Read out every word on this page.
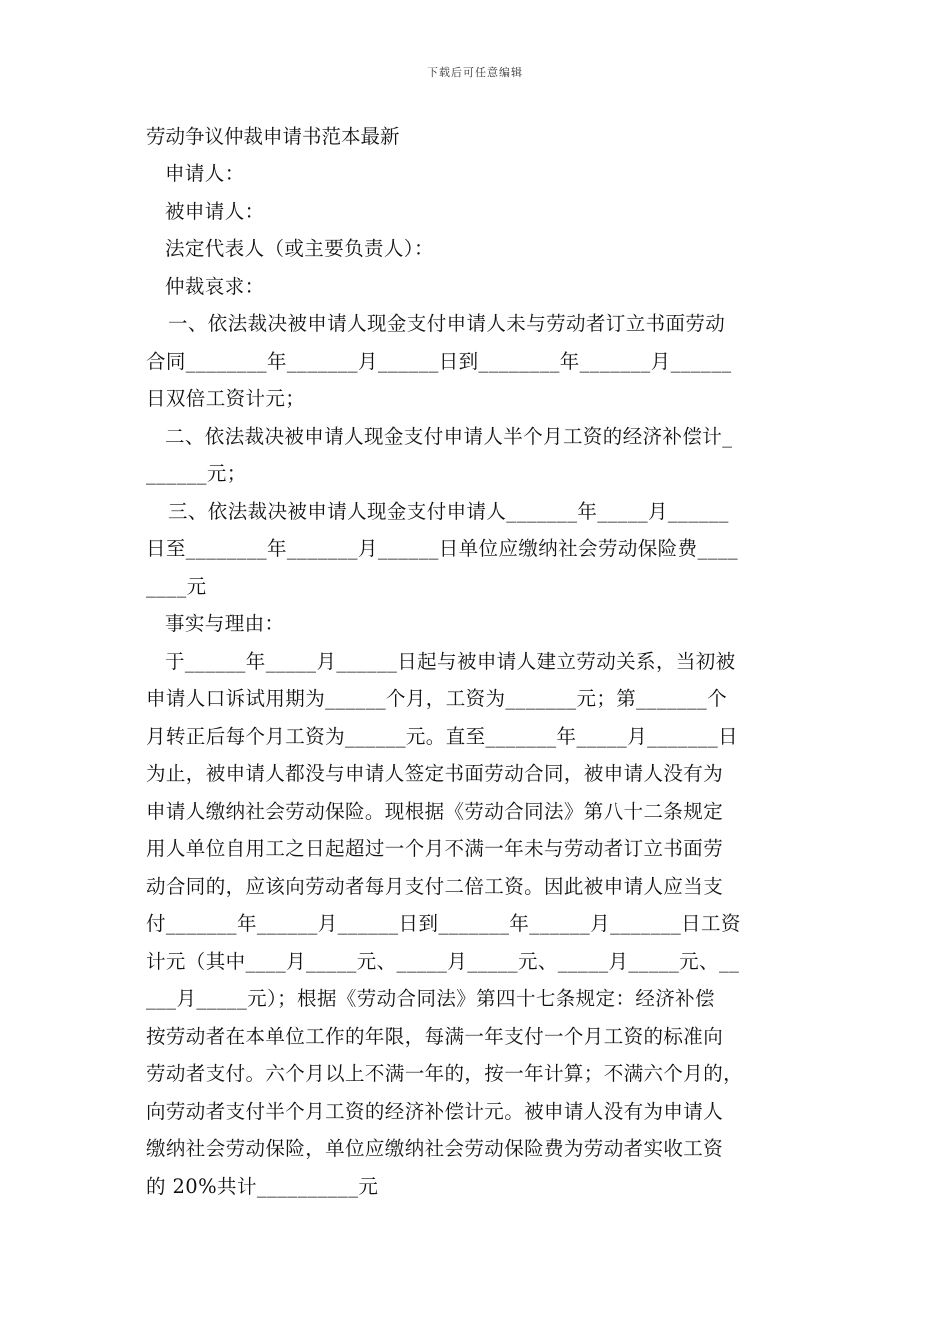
下载后可任意编辑
劳动争议仲裁申请书范本最新
申请人：
被申请人：
法定代表人（或主要负责人）：
仲裁哀求：
一、依法裁决被申请人现金支付申请人未与劳动者订立书面劳动
合同________年_______月______日到________年_______月______
日双倍工资计元；
二、依法裁决被申请人现金支付申请人半个月工资的经济补偿计_
______元；
三、依法裁决被申请人现金支付申请人_______年_____月______
日至________年_______月______日单位应缴纳社会劳动保险费____
____元
事实与理由：
于______年_____月______日起与被申请人建立劳动关系，当初被
申请人口诉试用期为______个月，工资为_______元；第_______个
月转正后每个月工资为______元。直至_______年_____月_______日
为止，被申请人都没与申请人签定书面劳动合同，被申请人没有为
申请人缴纳社会劳动保险。现根据《劳动合同法》第八十二条规定
用人单位自用工之日起超过一个月不满一年未与劳动者订立书面劳
动合同的，应该向劳动者每月支付二倍工资。因此被申请人应当支
付_______年______月______日到_______年______月_______日工资
计元（其中____月_____元、_____月_____元、_____月_____元、__
___月_____元）；根据《劳动合同法》第四十七条规定：经济补偿
按劳动者在本单位工作的年限，每满一年支付一个月工资的标准向
劳动者支付。六个月以上不满一年的，按一年计算；不满六个月的，
向劳动者支付半个月工资的经济补偿计元。被申请人没有为申请人
缴纳社会劳动保险，单位应缴纳社会劳动保险费为劳动者实收工资
的 20%共计__________元
